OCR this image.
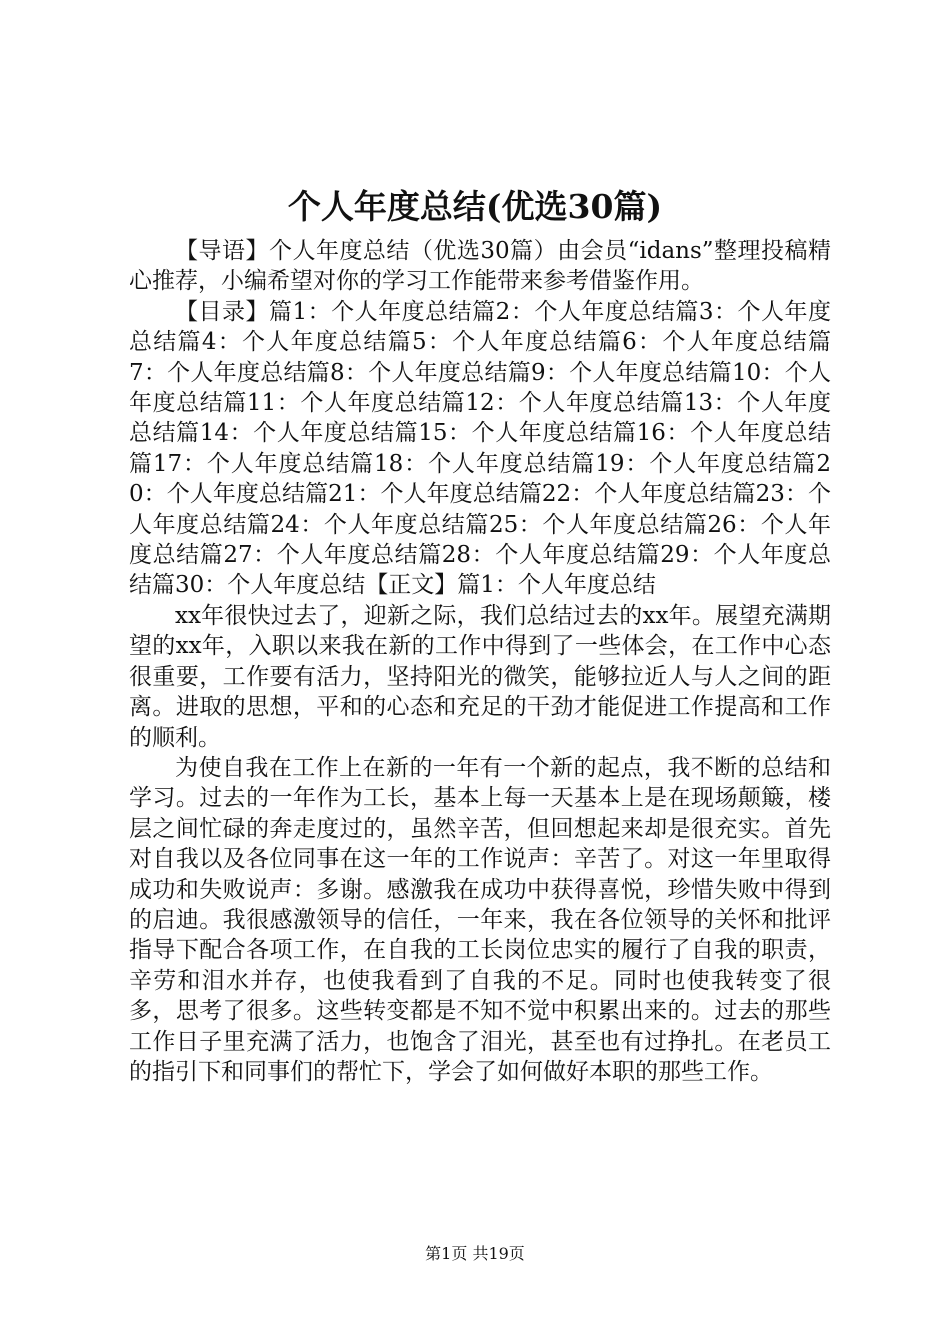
个人年度总结(优选30篇)

【导语】个人年度总结（优选30篇）由会员“idans”整理投稿精心推荐，小编希望对你的学习工作能带来参考借鉴作用。

【目录】篇1：个人年度总结篇2：个人年度总结篇3：个人年度总结篇4：个人年度总结篇5：个人年度总结篇6：个人年度总结篇7：个人年度总结篇8：个人年度总结篇9：个人年度总结篇10：个人年度总结篇11：个人年度总结篇12：个人年度总结篇13：个人年度总结篇14：个人年度总结篇15：个人年度总结篇16：个人年度总结篇17：个人年度总结篇18：个人年度总结篇19：个人年度总结篇20：个人年度总结篇21：个人年度总结篇22：个人年度总结篇23：个人年度总结篇24：个人年度总结篇25：个人年度总结篇26：个人年度总结篇27：个人年度总结篇28：个人年度总结篇29：个人年度总结篇30：个人年度总结【正文】篇1：个人年度总结

xx年很快过去了，迎新之际，我们总结过去的xx年。展望充满期望的xx年，入职以来我在新的工作中得到了一些体会，在工作中心态很重要，工作要有活力，坚持阳光的微笑，能够拉近人与人之间的距离。进取的思想，平和的心态和充足的干劲才能促进工作提高和工作的顺利。

为使自我在工作上在新的一年有一个新的起点，我不断的总结和学习。过去的一年作为工长，基本上每一天基本上是在现场颠簸，楼层之间忙碌的奔走度过的，虽然辛苦，但回想起来却是很充实。首先对自我以及各位同事在这一年的工作说声：辛苦了。对这一年里取得成功和失败说声：多谢。感激我在成功中获得喜悦，珍惜失败中得到的启迪。我很感激领导的信任，一年来，我在各位领导的关怀和批评指导下配合各项工作，在自我的工长岗位忠实的履行了自我的职责，辛劳和泪水并存，也使我看到了自我的不足。同时也使我转变了很多，思考了很多。这些转变都是不知不觉中积累出来的。过去的那些工作日子里充满了活力，也饱含了泪光，甚至也有过挣扎。在老员工的指引下和同事们的帮忙下，学会了如何做好本职的那些工作。

第1页 共19页
